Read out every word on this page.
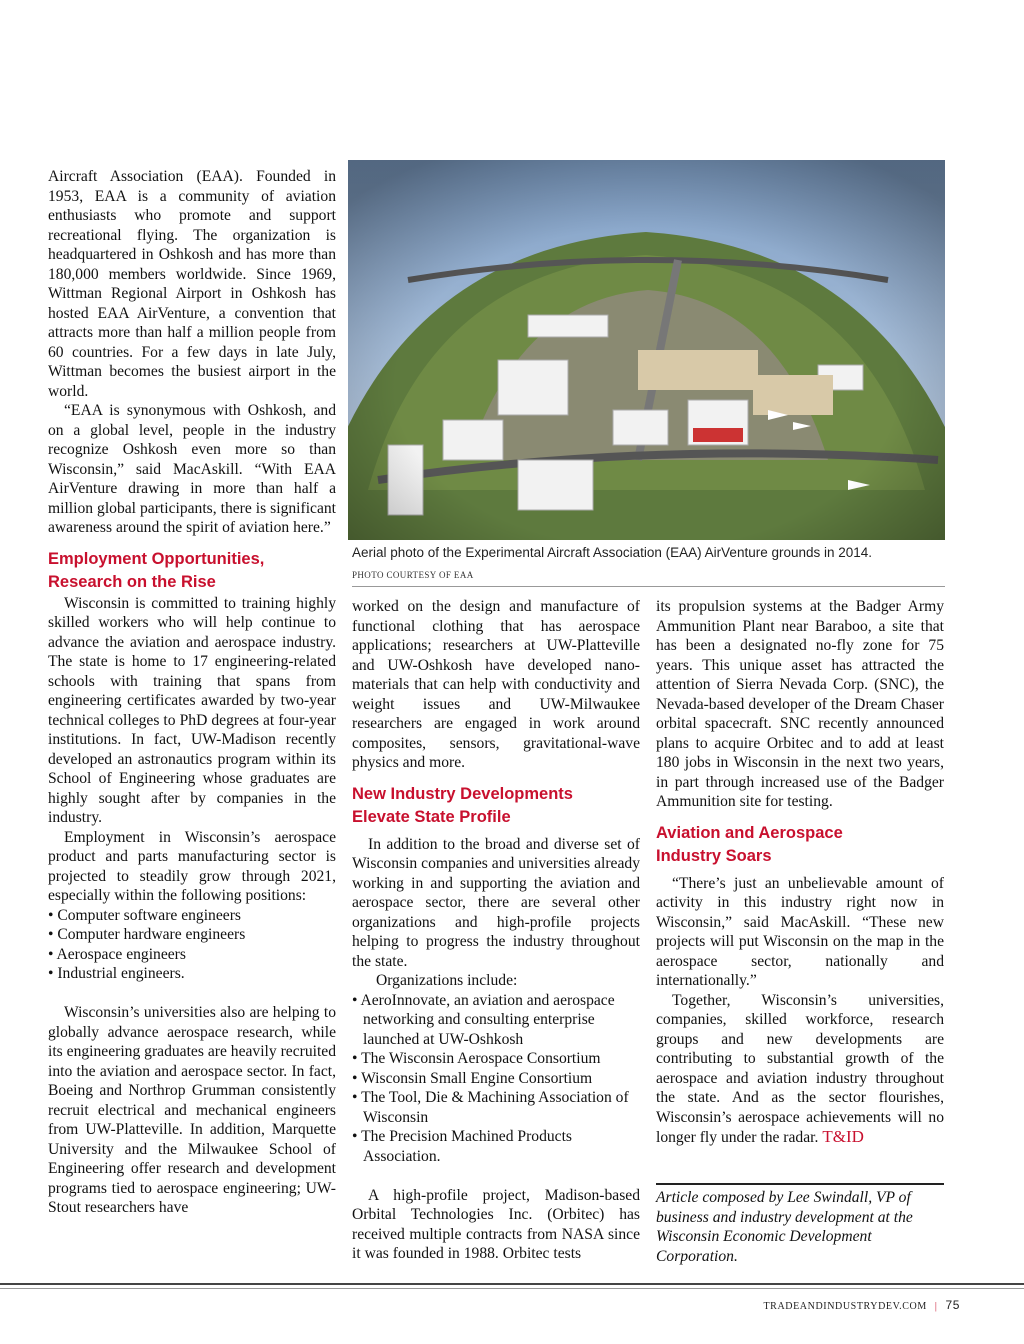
Aircraft Association (EAA). Founded in 1953, EAA is a community of aviation enthusiasts who promote and support recreational flying. The organization is headquartered in Oshkosh and has more than 180,000 members worldwide. Since 1969, Wittman Regional Airport in Oshkosh has hosted EAA AirVenture, a convention that attracts more than half a million people from 60 countries. For a few days in late July, Wittman becomes the busiest airport in the world.

“EAA is synonymous with Oshkosh, and on a global level, people in the industry recognize Oshkosh even more so than Wisconsin,” said MacAskill. “With EAA AirVenture drawing in more than half a million global participants, there is significant awareness around the spirit of aviation here.”

Employment Opportunities,
Research on the Rise

Wisconsin is committed to training highly skilled workers who will help continue to advance the aviation and aerospace industry. The state is home to 17 engineering-related schools with training that spans from engineering certificates awarded by two-year technical colleges to PhD degrees at four-year institutions. In fact, UW-Madison recently developed an astronautics program within its School of Engineering whose graduates are highly sought after by companies in the industry.

Employment in Wisconsin’s aerospace product and parts manufacturing sector is projected to steadily grow through 2021, especially within the following positions:

• Computer software engineers
• Computer hardware engineers
• Aerospace engineers
• Industrial engineers.

Wisconsin’s universities also are helping to globally advance aerospace research, while its engineering graduates are heavily recruited into the aviation and aerospace sector. In fact, Boeing and Northrop Grumman consistently recruit electrical and mechanical engineers from UW-Platteville. In addition, Marquette University and the Milwaukee School of Engineering offer research and development programs tied to aerospace engineering; UW-Stout researchers have

Aerial photo of the Experimental Aircraft Association (EAA) AirVenture grounds in 2014.
PHOTO COURTESY OF EAA

worked on the design and manufacture of functional clothing that has aerospace applications; researchers at UW-Platteville and UW-Oshkosh have developed nano-materials that can help with conductivity and weight issues and UW-Milwaukee researchers are engaged in work around composites, sensors, gravitational-wave physics and more.

New Industry Developments
Elevate State Profile

In addition to the broad and diverse set of Wisconsin companies and universities already working in and supporting the aviation and aerospace sector, there are several other organizations and high-profile projects helping to progress the industry throughout the state.

Organizations include:

• AeroInnovate, an aviation and aerospace networking and consulting enterprise launched at UW-Oshkosh
• The Wisconsin Aerospace Consortium
• Wisconsin Small Engine Consortium
• The Tool, Die & Machining Association of Wisconsin
• The Precision Machined Products Association.

A high-profile project, Madison-based Orbital Technologies Inc. (Orbitec) has received multiple contracts from NASA since it was founded in 1988. Orbitec tests

its propulsion systems at the Badger Army Ammunition Plant near Baraboo, a site that has been a designated no-fly zone for 75 years. This unique asset has attracted the attention of Sierra Nevada Corp. (SNC), the Nevada-based developer of the Dream Chaser orbital spacecraft. SNC recently announced plans to acquire Orbitec and to add at least 180 jobs in Wisconsin in the next two years, in part through increased use of the Badger Ammunition site for testing.

Aviation and Aerospace
Industry Soars

“There’s just an unbelievable amount of activity in this industry right now in Wisconsin,” said MacAskill. “These new projects will put Wisconsin on the map in the aerospace sector, nationally and internationally.”

Together, Wisconsin’s universities, companies, skilled workforce, research groups and new developments are contributing to substantial growth of the aerospace and aviation industry throughout the state. And as the sector flourishes, Wisconsin’s aerospace achievements will no longer fly under the radar. T&ID

Article composed by Lee Swindall, VP of business and industry development at the Wisconsin Economic Development Corporation.
TRADEANDINDUSTRYDEV.COM | 75
